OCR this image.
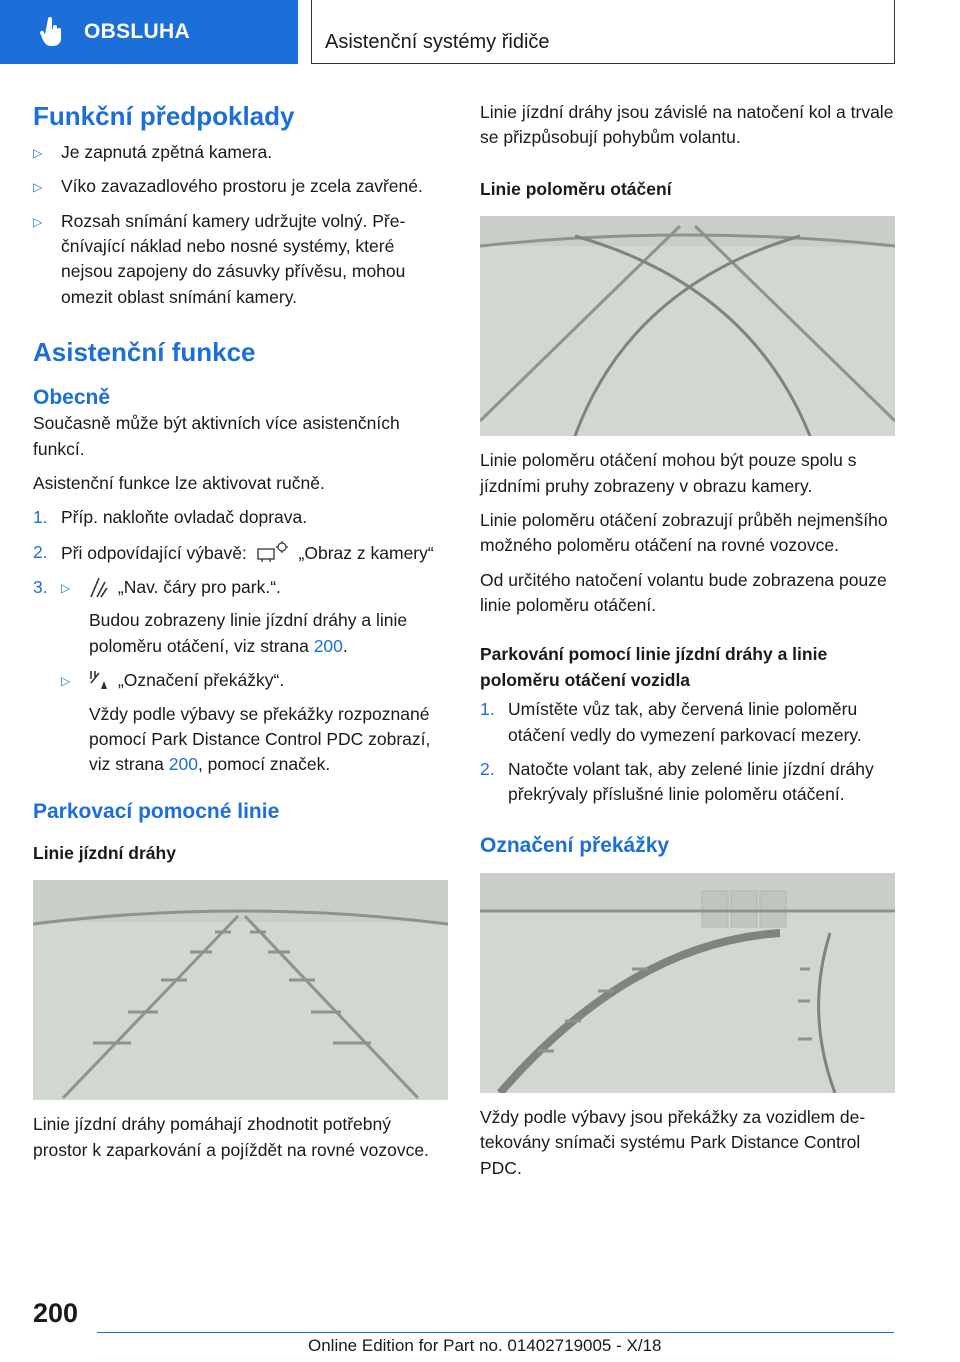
OBSLUHA	Asistenční systémy řidiče
Funkční předpoklady
▷ Je zapnutá zpětná kamera.
▷ Víko zavazadlového prostoru je zcela zavřené.
▷ Rozsah snímání kamery udržujte volný. Přečnívající náklad nebo nosné systémy, které nejsou zapojeny do zásuvky přívěsu, mohou omezit oblast snímání kamery.
Asistenční funkce
Obecně

Současně může být aktivních více asistenčních funkcí.

Asistenční funkce lze aktivovat ručně.

1. Příp. nakloňte ovladač doprava.
2. Při odpovídající výbavě:	„Obraz z kamery“
3.
▷	„Nav. čáry pro park.“.

Budou zobrazeny linie jízdní dráhy a linie poloměru otáčení, viz strana 200.

▷ „Označení překážky“.

Vždy podle výbavy se překážky rozpoznané pomocí Park Distance Control PDC zobrazí, viz strana 200, pomocí značek.

Parkovací pomocné linie
Linie jízdní dráhy

Linie jízdní dráhy pomáhají zhodnotit potřebný prostor k zaparkování a pojíždět na rovné vozovce.

Linie jízdní dráhy jsou závislé na natočení kol a trvale se přizpůsobují pohybům volantu.

Linie poloměru otáčení

Linie poloměru otáčení mohou být pouze spolu s jízdními pruhy zobrazeny v obrazu kamery.

Linie poloměru otáčení zobrazují průběh nejmenšího možného poloměru otáčení na rovné vozovce.

Od určitého natočení volantu bude zobrazena pouze linie poloměru otáčení.

Parkování pomocí linie jízdní dráhy a linie poloměru otáčení vozidla
1. Umístěte vůz tak, aby červená linie poloměru otáčení vedly do vymezení parkovací mezery.
2. Natočte volant tak, aby zelené linie jízdní dráhy překrývaly příslušné linie poloměru otáčení.
Označení překážky

Vždy podle výbavy jsou překážky za vozidlem detekovány snímači systému Park Distance Control PDC.

200
Online Edition for Part no. 01402719005 - X/18
